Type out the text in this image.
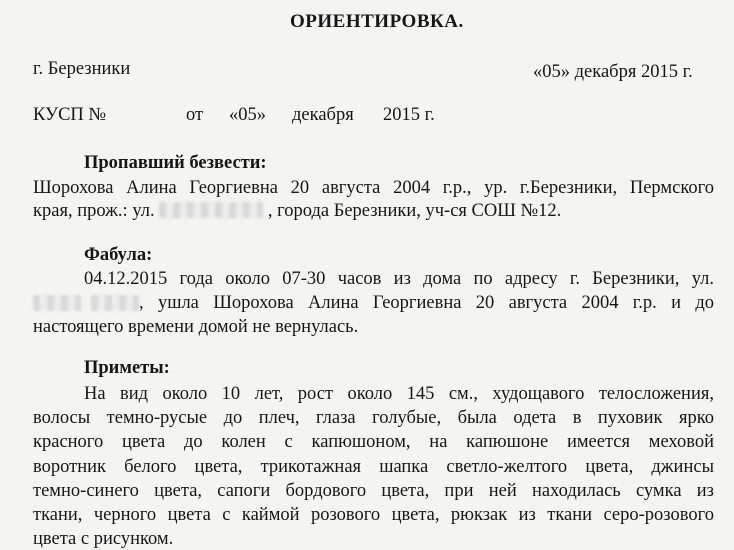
ОРИЕНТИРОВКА.
г. Березники	«05» декабря 2015 г.
КУСП №	от «05» декабря 2015 г.
Пропавший безвести:
Шорохова Алина Георгиевна 20 августа 2004 г.р., ур. г.Березники, Пермского
края, прож.: ул.	, города Березники, уч-ся СОШ №12.
Фабула:
04.12.2015 года около 07-30 часов из дома по адресу г. Березники, ул.
, ушла Шорохова Алина Георгиевна 20 августа 2004 г.р. и до
настоящего времени домой не вернулась.
Приметы:
На вид около 10 лет, рост около 145 см., худощавого телосложения,
волосы темно-русые до плеч, глаза голубые, была одета в пуховик ярко
красного цвета до колен с капюшоном, на капюшоне имеется меховой
воротник белого цвета, трикотажная шапка светло-желтого цвета, джинсы
темно-синего цвета, сапоги бордового цвета, при ней находилась сумка из
ткани, черного цвета с каймой розового цвета, рюкзак из ткани серо-розового
цвета с рисунком.
